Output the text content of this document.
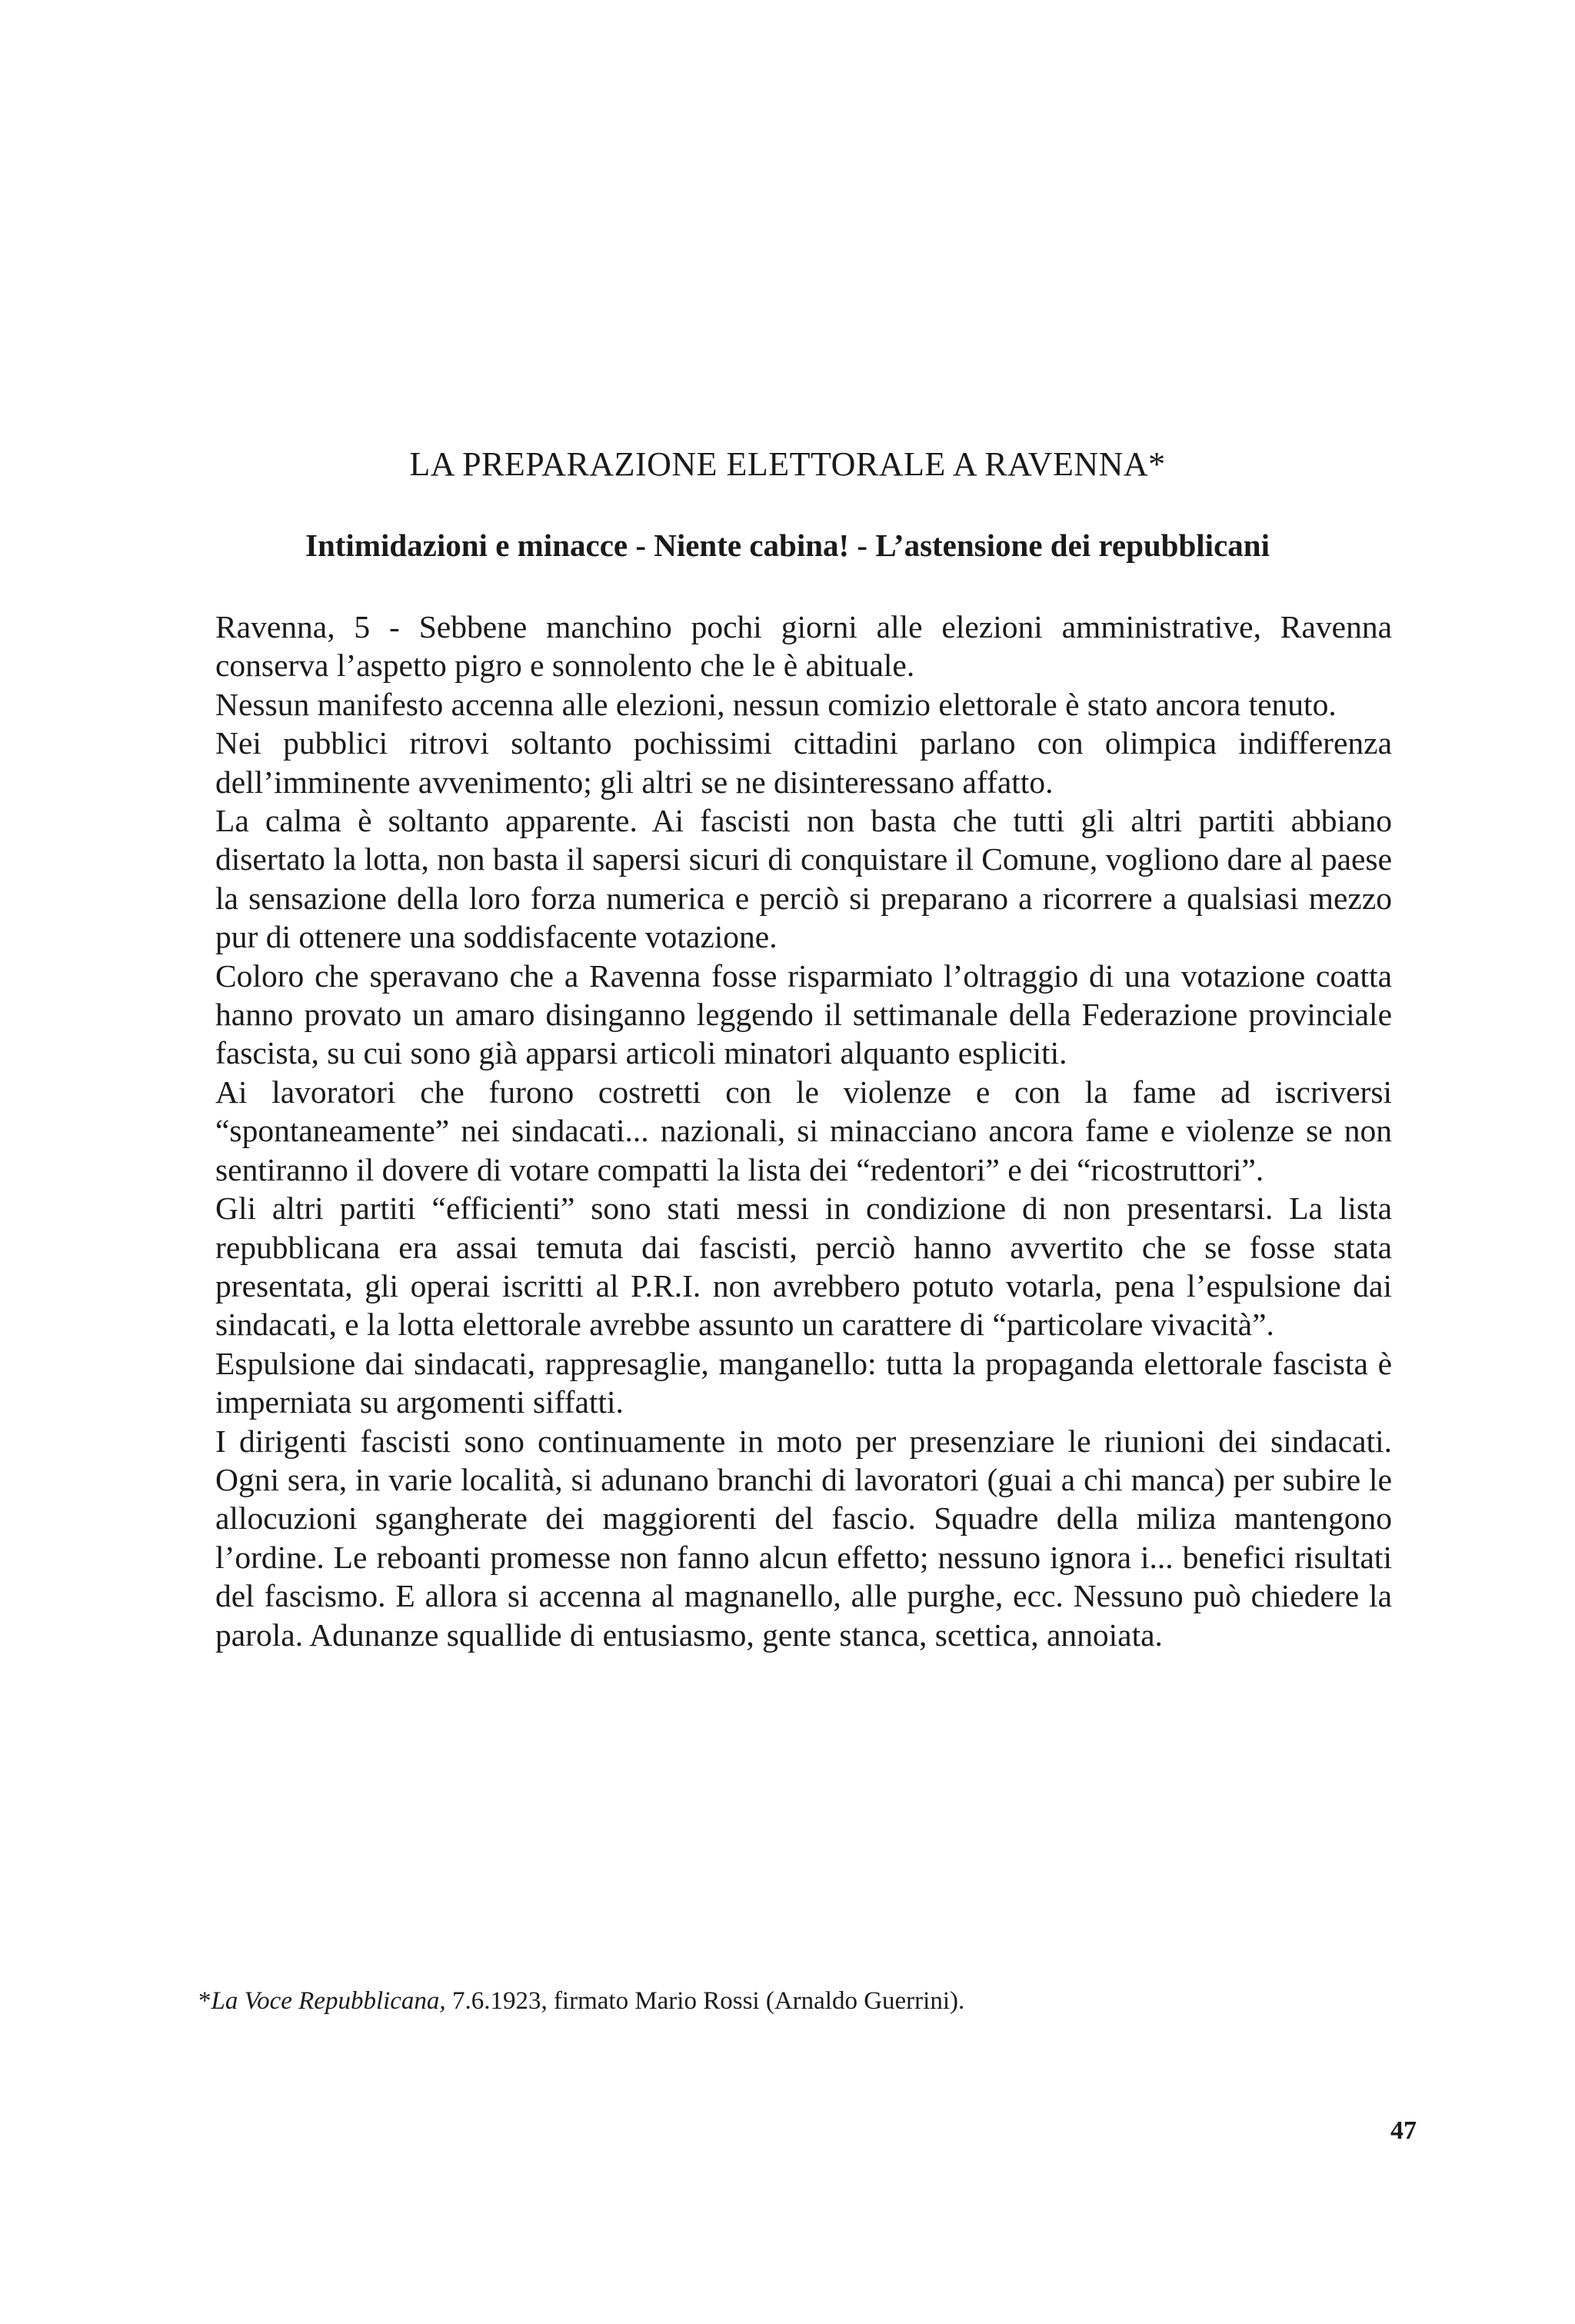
LA PREPARAZIONE ELETTORALE A RAVENNA*
Intimidazioni e minacce - Niente cabina! - L’astensione dei repubblicani

Ravenna, 5 - Sebbene manchino pochi giorni alle elezioni amministrative, Ravenna conserva l’aspetto pigro e sonnolento che le è abituale.

Nessun manifesto accenna alle elezioni, nessun comizio elettorale è stato ancora tenuto.

Nei pubblici ritrovi soltanto pochissimi cittadini parlano con olimpica indifferenza dell’imminente avvenimento; gli altri se ne disinteressano affatto.

La calma è soltanto apparente. Ai fascisti non basta che tutti gli altri partiti abbiano disertato la lotta, non basta il sapersi sicuri di conquistare il Comune, vogliono dare al paese la sensazione della loro forza numerica e perciò si preparano a ricorrere a qualsiasi mezzo pur di ottenere una soddisfacente votazione.

Coloro che speravano che a Ravenna fosse risparmiato l’oltraggio di una votazione coatta hanno provato un amaro disinganno leggendo il settimanale della Federazione provinciale fascista, su cui sono già apparsi articoli minatori alquanto espliciti.

Ai lavoratori che furono costretti con le violenze e con la fame ad iscriversi “spontaneamente” nei sindacati... nazionali, si minacciano ancora fame e violenze se non sentiranno il dovere di votare compatti la lista dei “redentori” e dei “ricostruttori”.

Gli altri partiti “efficienti” sono stati messi in condizione di non presentarsi. La lista repubblicana era assai temuta dai fascisti, perciò hanno avvertito che se fosse stata presentata, gli operai iscritti al P.R.I. non avrebbero potuto votarla, pena l’espulsione dai sindacati, e la lotta elettorale avrebbe assunto un carattere di “particolare vivacità”.

Espulsione dai sindacati, rappresaglie, manganello: tutta la propaganda elettorale fascista è imperniata su argomenti siffatti.

I dirigenti fascisti sono continuamente in moto per presenziare le riunioni dei sindacati. Ogni sera, in varie località, si adunano branchi di lavoratori (guai a chi manca) per subire le allocuzioni sgangherate dei maggiorenti del fascio. Squadre della miliza mantengono l’ordine. Le reboanti promesse non fanno alcun effetto; nessuno ignora i... benefici risultati del fascismo. E allora si accenna al magnanello, alle purghe, ecc. Nessuno può chiedere la parola. Adunanze squallide di entusiasmo, gente stanca, scettica, annoiata.

*La Voce Repubblicana, 7.6.1923, firmato Mario Rossi (Arnaldo Guerrini).

47
